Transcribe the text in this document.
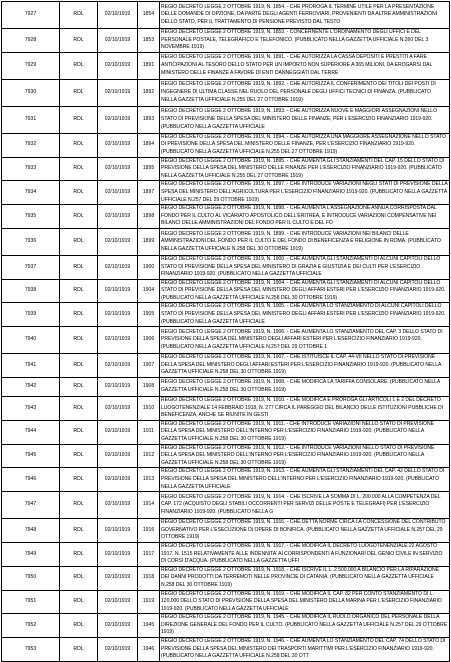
7927	RDL	02/10/1919	1854	REGIO DECRETO LEGGE 2 OTTOBRE 1919, N. 1854. - CHE PROROGA IL TERMINE UTILE PER LA PRESENTAZIONE DELLE DOMANDE DI OPZIONE, DA PARTE DEGLI AGENTI FERROVIARI, PROVENIENTI DA ALTRE AMMINISTRAZIONI DELLO STATO, PER IL TRATTAMENTO DI PENSIONE PREVISTO DAL TESTO
7928	RDL	02/10/1919	1853	REGIO DECRETO LEGGE 2 OTTOBRE 1919, N. 1853. - CONCERNENTE L'ORDINAMENTO DEGLI UFFICI E DEL PERSONALE POSTALE, TELEGRAFICO E TELEFONICO. (PUBBLICATO NELLA GAZZETTA UFFICIALE N.260 DEL 3 NOVEMBRE 1919)
7929	RDL	02/10/1919	1891	REGIO DECRETO LEGGE 2 OTTOBRE 1919, N. 1891. - CHE AUTORIZZA LA CASSA DEPOSITI E PRESTITI A FARE ANTICIPAZIONI AL TESORO DELLO STATO PER UN IMPORTO NON SUPERIORE A 365 MILIONI, DA EROGARSI DAL MINISTERO DELLE FINANZE A FAVORE DI ENTI DANNEGGIATI DAL TERRE
7930	RDL	02/10/1919	1892	REGIO DECRETO LEGGE 2 OTTOBRE 1919, N. 1892. - CHE AUTORIZZA IL CONFERIMENTO DEI TITOLI DEI POSTI DI INGEGNERE DI ULTIMA CLASSE NEL RUOLO DEL PERSONALE DEGLI UFFICI TECNICI DI FINANZA. (PUBBLICATO NELLA GAZZETTA UFFICIALE N.255 DEL 27 OTTOBRE 1919)
7931	RDL	02/10/1919	1893	REGIO DECRETO LEGGE 2 OTTOBRE 1919, N. 1893. - CHE AUTORIZZA NUOVE E MAGGIORI ASSEGNAZIONI NELLO STATO DI PREVISIONE DELLA SPESA DEL MINISTERO DELLE FINANZE, PER L'ESERCIZIO FINANZIARIO 1919-920. (PUBBLICATO NELLA GAZZETTA UFFICIALE
7932	RDL	02/10/1919	1894	REGIO DECRETO LEGGE 2 OTTOBRE 1919, N. 1894. - CHE AUTORIZZA UNA MAGGIORE ASSEGNAZIONE NELLO STATO DI PREVISIONE DELLA SPESA DEL MINISTERO DELLE FINANZE, PER L'ESERCIZIO FINANZIARIO 1919-920. (PUBBLICATO NELLA GAZZETTA UFFICIALE N.255 DEL 27 OTTOBRE 1919)
7933	RDL	02/10/1919	1895	REGIO DECRETO LEGGE 2 OTTOBRE 1919, N. 1895. - CHE AUMENTA GLI STANZIAMENTI DEL CAP. 15 DELLO STATO DI PREVISIONE DELLA SPESA DEL MINISTERO DELLE FINANZE PER L'ESERCIZIO FINANZIARIO 1919-920. (PUBBLICATO NELLA GAZZETTA UFFICIALE N.255 DEL 27 OTTOBRE 1919)
7934	RDL	02/10/1919	1897	REGIO DECRETO LEGGE 2 OTTOBRE 1919, N. 1897. - CHE INTRODUCE VARIAZIONI NEGLI STATI DI PREVISIONE DELLA SPESA DEL MINISTERO DELL'AGRICOLTURA PER L'ESERCIZIO FINANZIARIO 1919-920. (PUBBLICATO NELLA GAZZETTA UFFICIALE N.257 DEL 29 OTTOBRE 1919)
7935	RDL	02/10/1919	1898	REGIO DECRETO LEGGE 2 OTTOBRE 1919, N. 1898. - CHE AUMENTA L'ASSEGNAZIONE ANNUA CORRISPOSTA DAL FONDO PER IL CULTO AL VICARIATO APOSTOLICO DELL'ERITREA, E INTRODUCE VARIAZIONI COMPENSATIVE NEI BILANCI DELLE AMMINISTRAZIONI DEL FONDO PER IL CULTO E DEL FO
7936	RDL	02/10/1919	1899	REGIO DECRETO LEGGE 2 OTTOBRE 1919, N. 1899. - CHE INTRODUCE VARIAZIONI NEI BILANCI DELLE AMMINISTRAZIONI DEL FONDO PER IL CULTO E DEL FONDO DI BENEFICENZA E RELIGIONE IN ROMA. (PUBBLICATO NELLA GAZZETTA UFFICIALE N.258 DEL 30 OTTOBRE 1919)
7937	RDL	02/10/1919	1900	REGIO DECRETO LEGGE 2 OTTOBRE 1919, N. 1900. - CHE AUMENTA GLI STANZIAMENTI DI ALCUNI CAPITOLI DELLO STATO DI PREVISIONE DELLA SPESA DEL MINISTERO DI GRAZIA E GIUSTIZIA E DEI CULTI PER L'ESERCIZIO FINANZIARIO 1919-920. (PUBBLICATO NELLA GAZZETTA UFFICIALE
7938	RDL	02/10/1919	1904	REGIO DECRETO LEGGE 2 OTTOBRE 1919, N. 1904. - CHE AUMENTA GLI STANZIAMENTI DI ALCUNI CAPITOLI DELLO STATO DI PREVISIONE DELLA SPESA DEL MINISTERO DEGLI AFFARI ESTERI PER L'ESERCIZIO FINANZIARIO 1919-920. (PUBBLICATO NELLA GAZZETTA UFFICIALE N.258 DEL 30 OTTOBRE 1919)
7939	RDL	02/10/1919	1905	REGIO DECRETO LEGGE 2 OTTOBRE 1919, N. 1905. - CHE AUMENTA LO STANZIAMENTO DI ALCUNI CAPITOLI DELLO STATO DI PREVISIONE DELLA SPESA DEL MINISTERO DEGLI AFFARI ESTERI PER L'ESERCIZIO FINANZIARIO 1919-920. (PUBBLICATO NELLA GAZZETTA UFFICIALE
7940	RDL	02/10/1919	1906	REGIO DECRETO LEGGE 2 OTTOBRE 1919, N. 1906. - CHE AUMENTA LO STANZIAMENTO DEL CAP. 3 DELLO STATO DI PREVISIONE DELLA SPESA DEL MINISTERO DEGLI AFFARI ESTERI PER L'ESERCIZIO FINANZIARIO 1919-920. (PUBBLICATO NELLA GAZZETTA UFFICIALE N.257 DEL 29 OTTOBRE 1
7941	RDL	02/10/1919	1907	REGIO DECRETO LEGGE 2 OTTOBRE 1919, N. 1907. - CHE ISTITUISCE IL CAP. 44-VII NELLO STATO DI PREVISIONE DELLA SPESA DEL MINISTERO DEGLI AFFARI ESTERI PER L'ESERCIZIO FINANZIARIO 1919-920. (PUBBLICATO NELLA GAZZETTA UFFICIALE N.258 DEL 30 OTTOBRE 1919)
7942	RDL	02/10/1919	1908	REGIO DECRETO LEGGE 2 OTTOBRE 1919, N. 1908. - CHE MODIFICA LA TARIFFA CONSOLARE. (PUBBLICATO NELLA GAZZETTA UFFICIALE N.258 DEL 30 OTTOBRE 1919)
7943	RDL	02/10/1919	1910	REGIO DECRETO LEGGE 2 OTTOBRE 1919, N. 1910. - CHE MODIFICA E PROROGA GLI ARTICOLI 1 E 2 DEL DECRETO LUOGOTENENZIALE 14 FEBBRAIO 1918, N. 277 CIRCA IL PAREGGIO DEL BILANCIO DELLE ISTITUZIONI PUBBLICHE DI BENEFICENZA, ANCHE SE RIUNITE IN GESTI
7944	RDL	02/10/1919	1911	REGIO DECRETO LEGGE 2 OTTOBRE 1919, N. 1911. - CHE INTRODUCE VARIAZIONI NELLO STATO DI PREVISIONE DELLA SPESA DEL MINISTERO DELL'INTERNO PER L'ESERCIZIO FINANZIARIO 1919-920. (PUBBLICATO NELLA GAZZETTA UFFICIALE N.258 DEL 30 OTTOBRE 1919)
7945	RDL	02/10/1919	1912	REGIO DECRETO LEGGE 2 OTTOBRE 1919, N. 1912. - CHE INTRODUCE VARIAZIONI NELLO STATO DI PREVISIONE DELLA SPESA DEL MINISTERO DELL'INTERNO PER L'ESERCIZIO FINANZIARIO 1919-920. (PUBBLICATO NELLA GAZZETTA UFFICIALE N.258 DEL 30 OTTOBRE 1919)
7946	RDL	02/10/1919	1913	REGIO DECRETO LEGGE 2 OTTOBRE 1919, N. 1913. - CHE AUMENTA GLI STANZIAMENTI DEL CAP. 42 DELLO STATO DI PREVISIONE DELLA SPESA DEL MINISTERO DELL'INTERNO PER L'ESERCIZIO FINANZIARIO 1919-920. (PUBBLICATO NELLA GAZZETTA UFFICIALE
7947	RDL	02/10/1919	1914	REGIO DECRETO LEGGE 2 OTTOBRE 1919, N. 1914. - CHE ISCRIVE LA SOMMA DI L. 200.000 ALLA COMPETENZA DEL CAP. 172 (ACQUISTO DEGLI STABILI OCCORRENTI PER SERVIZI DELLE POSTE E TELEGRAFI) PER L'ESERCIZIO FINANZIARIO 1919-920. (PUBBLICATO NELLA G
7948	RDL	02/10/1919	1916	REGIO DECRETO LEGGE 2 OTTOBRE 1919, N. 1916. - CHE DETTA NORME CIRCA LA CONCESSIONE DEL CONTRIBUTO GOVERNATIVO PER L'ESECUZIONE DI OPERE DI BONIFICA. (PUBBLICATO NELLA GAZZETTA UFFICIALE N.257 DEL 29 OTTOBRE 1919)
7949	RDL	02/10/1919	1917	REGIO DECRETO LEGGE 2 OTTOBRE 1919, N. 1917. - CHE MODIFICA IL DECRETO LUOGOTENENZIALE 22 AGOSTO 1917, N. 1515 RELATIVAMENTE ALLE INDENNITA' AI CORRISPONDENTI A FUNZIONARI DEL GENIO CIVILE IN SERVIZIO DI CORSI D'ACQUA. (PUBBLICATO NELLA GAZZETTA UFFI
7950	RDL	02/10/1919	1918	REGIO DECRETO LEGGE 2 OTTOBRE 1919, N. 1918. - CHE ISCRIVE IL L. 2.500.000 A BILANCIO PER LA RIPARAZIONE DEI DANNI PRODOTTI DA TERREMOTI NELLE PROVINCIE DI CATANIA. (PUBBLICATO NELLA GAZZETTA UFFICIALE N.258 DEL 30 OTTOBRE 1919)
7951	RDL	02/10/1919	1919	REGIO DECRETO LEGGE 2 OTTOBRE 1919, N. 1919. - CHE MODIFICA IL CAP. 82 PER CONTO STANZIAMENTO DI L. 120.000 DELLO STATO DI PREVISIONE DELLA SPESA DEL MINISTERO DELLA MARINA PER L'ESERCIZIO FINANZIARIO 1919-920. (PUBBLICATO NELLA GAZZETTA UFFICIALE
7952	RDL	02/10/1919	1945	REGIO DECRETO LEGGE 2 OTTOBRE 1919, N. 1945. - CHE MODIFICA IL RUOLO ORGANICO DEL PERSONALE DELLA DIREZIONE GENERALE DEL FONDO PER IL CULTO. (PUBBLICATO NELLA GAZZETTA UFFICIALE N.257 DEL 29 OTTOBRE 1919)
7953	RDL	02/10/1919	1946	REGIO DECRETO LEGGE 2 OTTOBRE 1919, N. 1946. - CHE AUMENTA LO STANZIAMENTO DEL CAP. 74 DELLO STATO DI PREVISIONE DELLA SPESA DEL MINISTERO DEI TRASPORTI MARITTIMI PER L'ESERCIZIO FINANZIARIO 1919-920. (PUBBLICATO NELLA GAZZETTA UFFICIALE N.258 DEL 30 OTT
